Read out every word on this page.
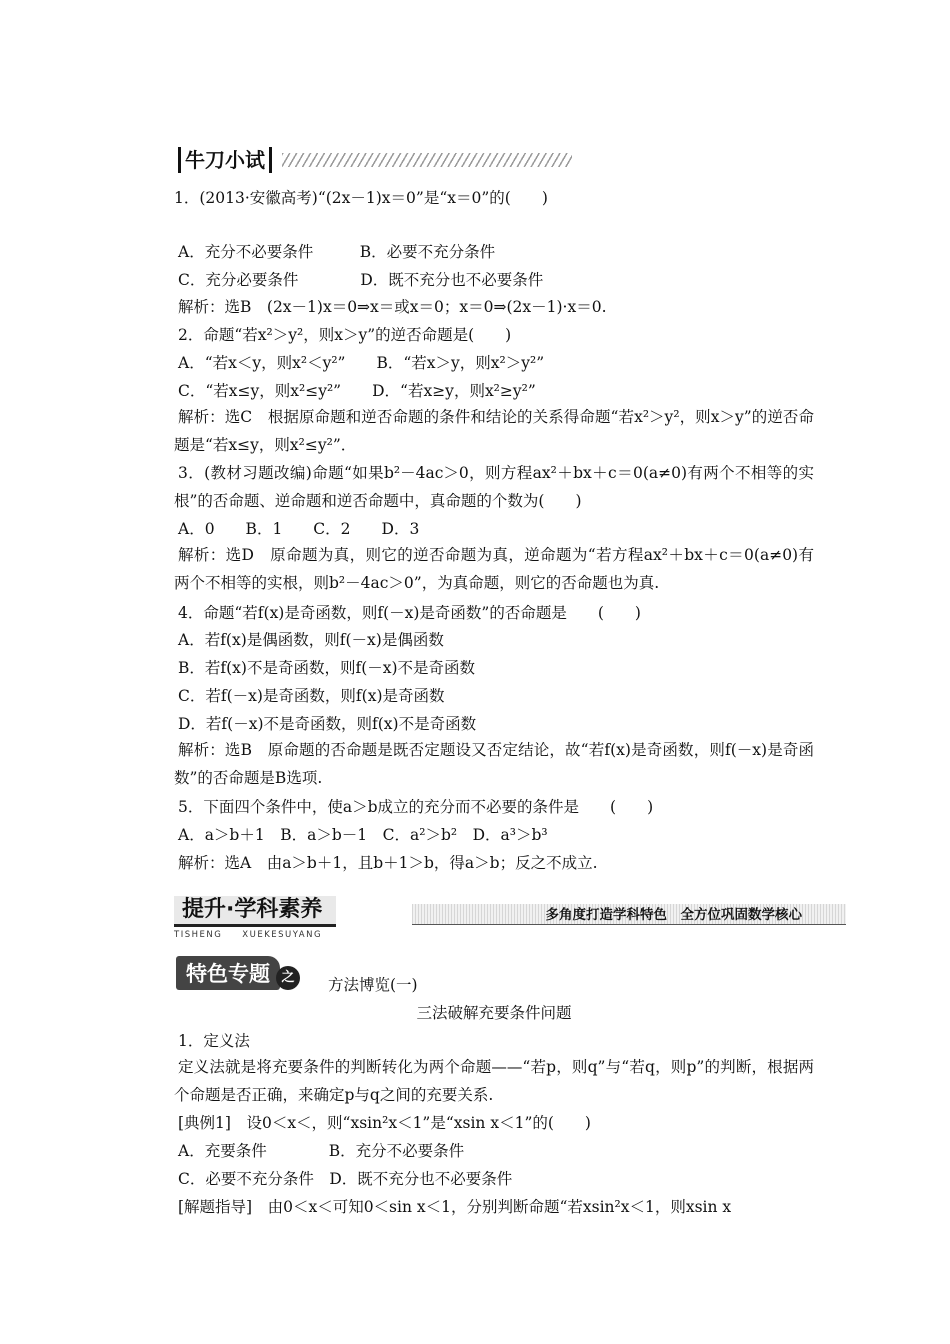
牛刀小试
1．(2013·安徽高考)“(2x－1)x＝0”是“x＝0”的(　　)
A．充分不必要条件　　　B．必要不充分条件
C．充分必要条件　　　　D．既不充分也不必要条件
解析：选B　(2x－1)x＝0⇒x＝或x＝0；x＝0⇒(2x－1)·x＝0.
2．命题“若x²＞y²，则x＞y”的逆否命题是(　　)
A．“若x＜y，则x²＜y²”　　B．“若x＞y，则x²＞y²”
C．“若x≤y，则x²≤y²”　　D．“若x≥y，则x²≥y²”
解析：选C　根据原命题和逆否命题的条件和结论的关系得命题“若x²＞y²，则x＞y”的逆否命题是“若x≤y，则x²≤y²”．
3．(教材习题改编)命题“如果b²－4ac＞0，则方程ax²＋bx＋c＝0(a≠0)有两个不相等的实根”的否命题、逆命题和逆否命题中，真命题的个数为(　　)
A．0　　B．1　　C．2　　D．3
解析：选D　原命题为真，则它的逆否命题为真，逆命题为“若方程ax²＋bx＋c＝0(a≠0)有两个不相等的实根，则b²－4ac＞0”，为真命题，则它的否命题也为真.
4．命题“若f(x)是奇函数，则f(－x)是奇函数”的否命题是　　(　　)
A．若f(x)是偶函数，则f(－x)是偶函数
B．若f(x)不是奇函数，则f(－x)不是奇函数
C．若f(－x)是奇函数，则f(x)是奇函数
D．若f(－x)不是奇函数，则f(x)不是奇函数
解析：选B　原命题的否命题是既否定题设又否定结论，故“若f(x)是奇函数，则f(－x)是奇函数”的否命题是B选项.
5．下面四个条件中，使a＞b成立的充分而不必要的条件是　　(　　)
A．a＞b＋1　B．a＞b－1　C．a²＞b²　D．a³＞b³
解析：选A　由a＞b＋1，且b＋1＞b，得a＞b；反之不成立.
提升·学科素养
TISHENG　　XUEKESUYANG
多角度打造学科特色　全方位巩固数学核心
特色专题 之	方法博览(一)
三法破解充要条件问题
1．定义法
定义法就是将充要条件的判断转化为两个命题——“若p，则q”与“若q，则p”的判断，根据两个命题是否正确，来确定p与q之间的充要关系.
[典例1]　设0＜x＜，则“xsin²x＜1”是“xsin x＜1”的(　　)
A．充要条件　　　　B．充分不必要条件
C．必要不充分条件　D．既不充分也不必要条件
[解题指导]　由0＜x＜可知0＜sin x＜1，分别判断命题“若xsin²x＜1，则xsin x
